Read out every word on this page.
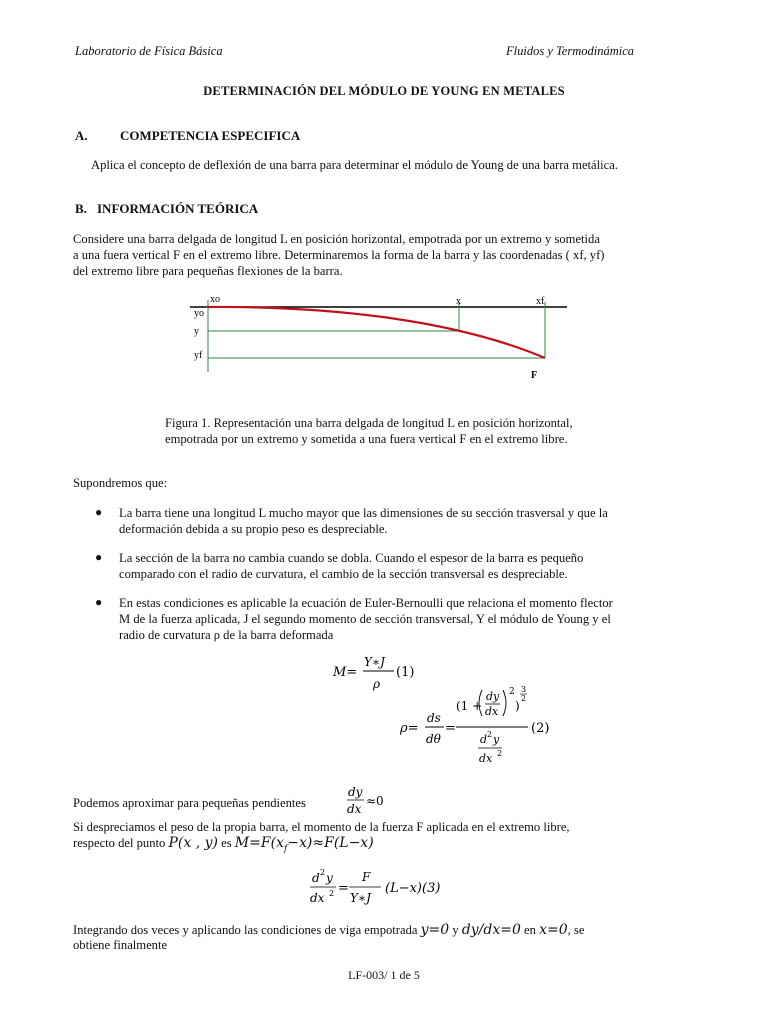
Laboratorio de Física Básica	Fluidos y Termodinámica
DETERMINACIÓN DEL MÓDULO DE YOUNG EN METALES
A. COMPETENCIA ESPECIFICA
Aplica el concepto de deflexión de una barra para determinar el módulo de Young de una barra metálica.
B. INFORMACIÓN TEÓRICA
Considere una barra delgada de longitud L en posición horizontal, empotrada por un extremo y sometida
a una fuera vertical F en el extremo libre. Determinaremos la forma de la barra y las coordenadas ( xf, yf)
del extremo libre para pequeñas flexiones de la barra.
xo	x	xf
yo
y
yf
F
Figura 1. Representación una barra delgada de longitud L en posición horizontal,
empotrada por un extremo y sometida a una fuera vertical F en el extremo libre.
Supondremos que:
● La barra tiene una longitud L mucho mayor que las dimensiones de su sección trasversal y que la
deformación debida a su propio peso es despreciable.
● La sección de la barra no cambia cuando se dobla. Cuando el espesor de la barra es pequeño
comparado con el radio de curvatura, el cambio de la sección transversal es despreciable.
● En estas condiciones es aplicable la ecuación de Euler-Bernoulli que relaciona el momento flector
M de la fuerza aplicada, J el segundo momento de sección transversal, Y el módulo de Young y el
radio de curvatura ρ de la barra deformada
M=
Y∗J
ρ
(1)
ρ=
ds
dθ
=
(1 +
dy
dx
2
)
3
2
d 2 y
dx 2
(2)
Podemos aproximar para pequeñas pendientes
dy
dx
≈0
Si despreciamos el peso de la propia barra, el momento de la fuerza F aplicada en el extremo libre,
respecto del punto P(x , y) es $M=F(x_f-x)\approx F(L-x)$
d 2 y
dx 2 =
F
Y∗J
(L−x)(3)
Integrando dos veces y aplicando las condiciones de viga empotrada y=0 y dy/dx=0 en x=0, se
obtiene finalmente
LF-003/ 1 de 5
